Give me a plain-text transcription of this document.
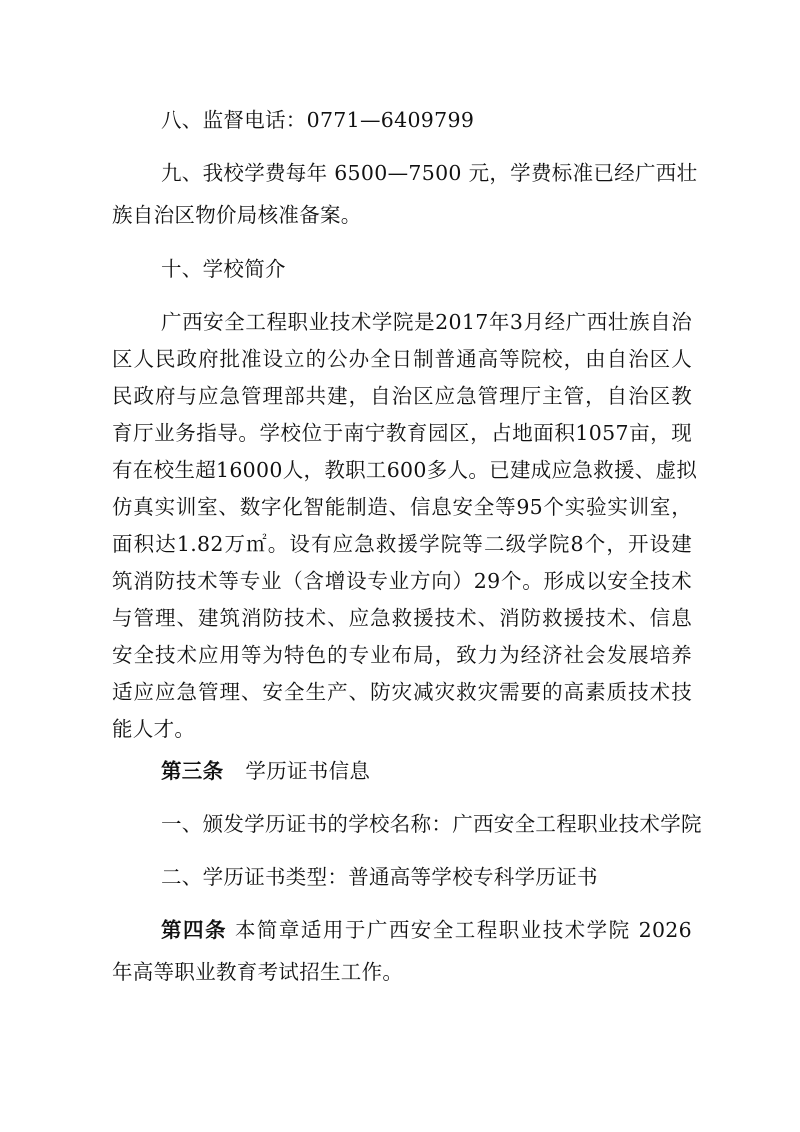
八、监督电话：0771—6409799
九、我校学费每年 6500—7500 元，学费标准已经广西壮
族自治区物价局核准备案。
十、学校简介
广西安全工程职业技术学院是2017年3月经广西壮族自治
区人民政府批准设立的公办全日制普通高等院校，由自治区人
民政府与应急管理部共建，自治区应急管理厅主管，自治区教
育厅业务指导。学校位于南宁教育园区，占地面积1057亩，现
有在校生超16000人，教职工600多人。已建成应急救援、虚拟
仿真实训室、数字化智能制造、信息安全等95个实验实训室，
面积达1.82万㎡。设有应急救援学院等二级学院8个，开设建
筑消防技术等专业（含增设专业方向）29个。形成以安全技术
与管理、建筑消防技术、应急救援技术、消防救援技术、信息
安全技术应用等为特色的专业布局，致力为经济社会发展培养
适应应急管理、安全生产、防灾减灾救灾需要的高素质技术技
能人才。
第三条 学历证书信息
一、颁发学历证书的学校名称：广西安全工程职业技术学院
二、学历证书类型：普通高等学校专科学历证书
第四条 本简章适用于广西安全工程职业技术学院 2026
年高等职业教育考试招生工作。
